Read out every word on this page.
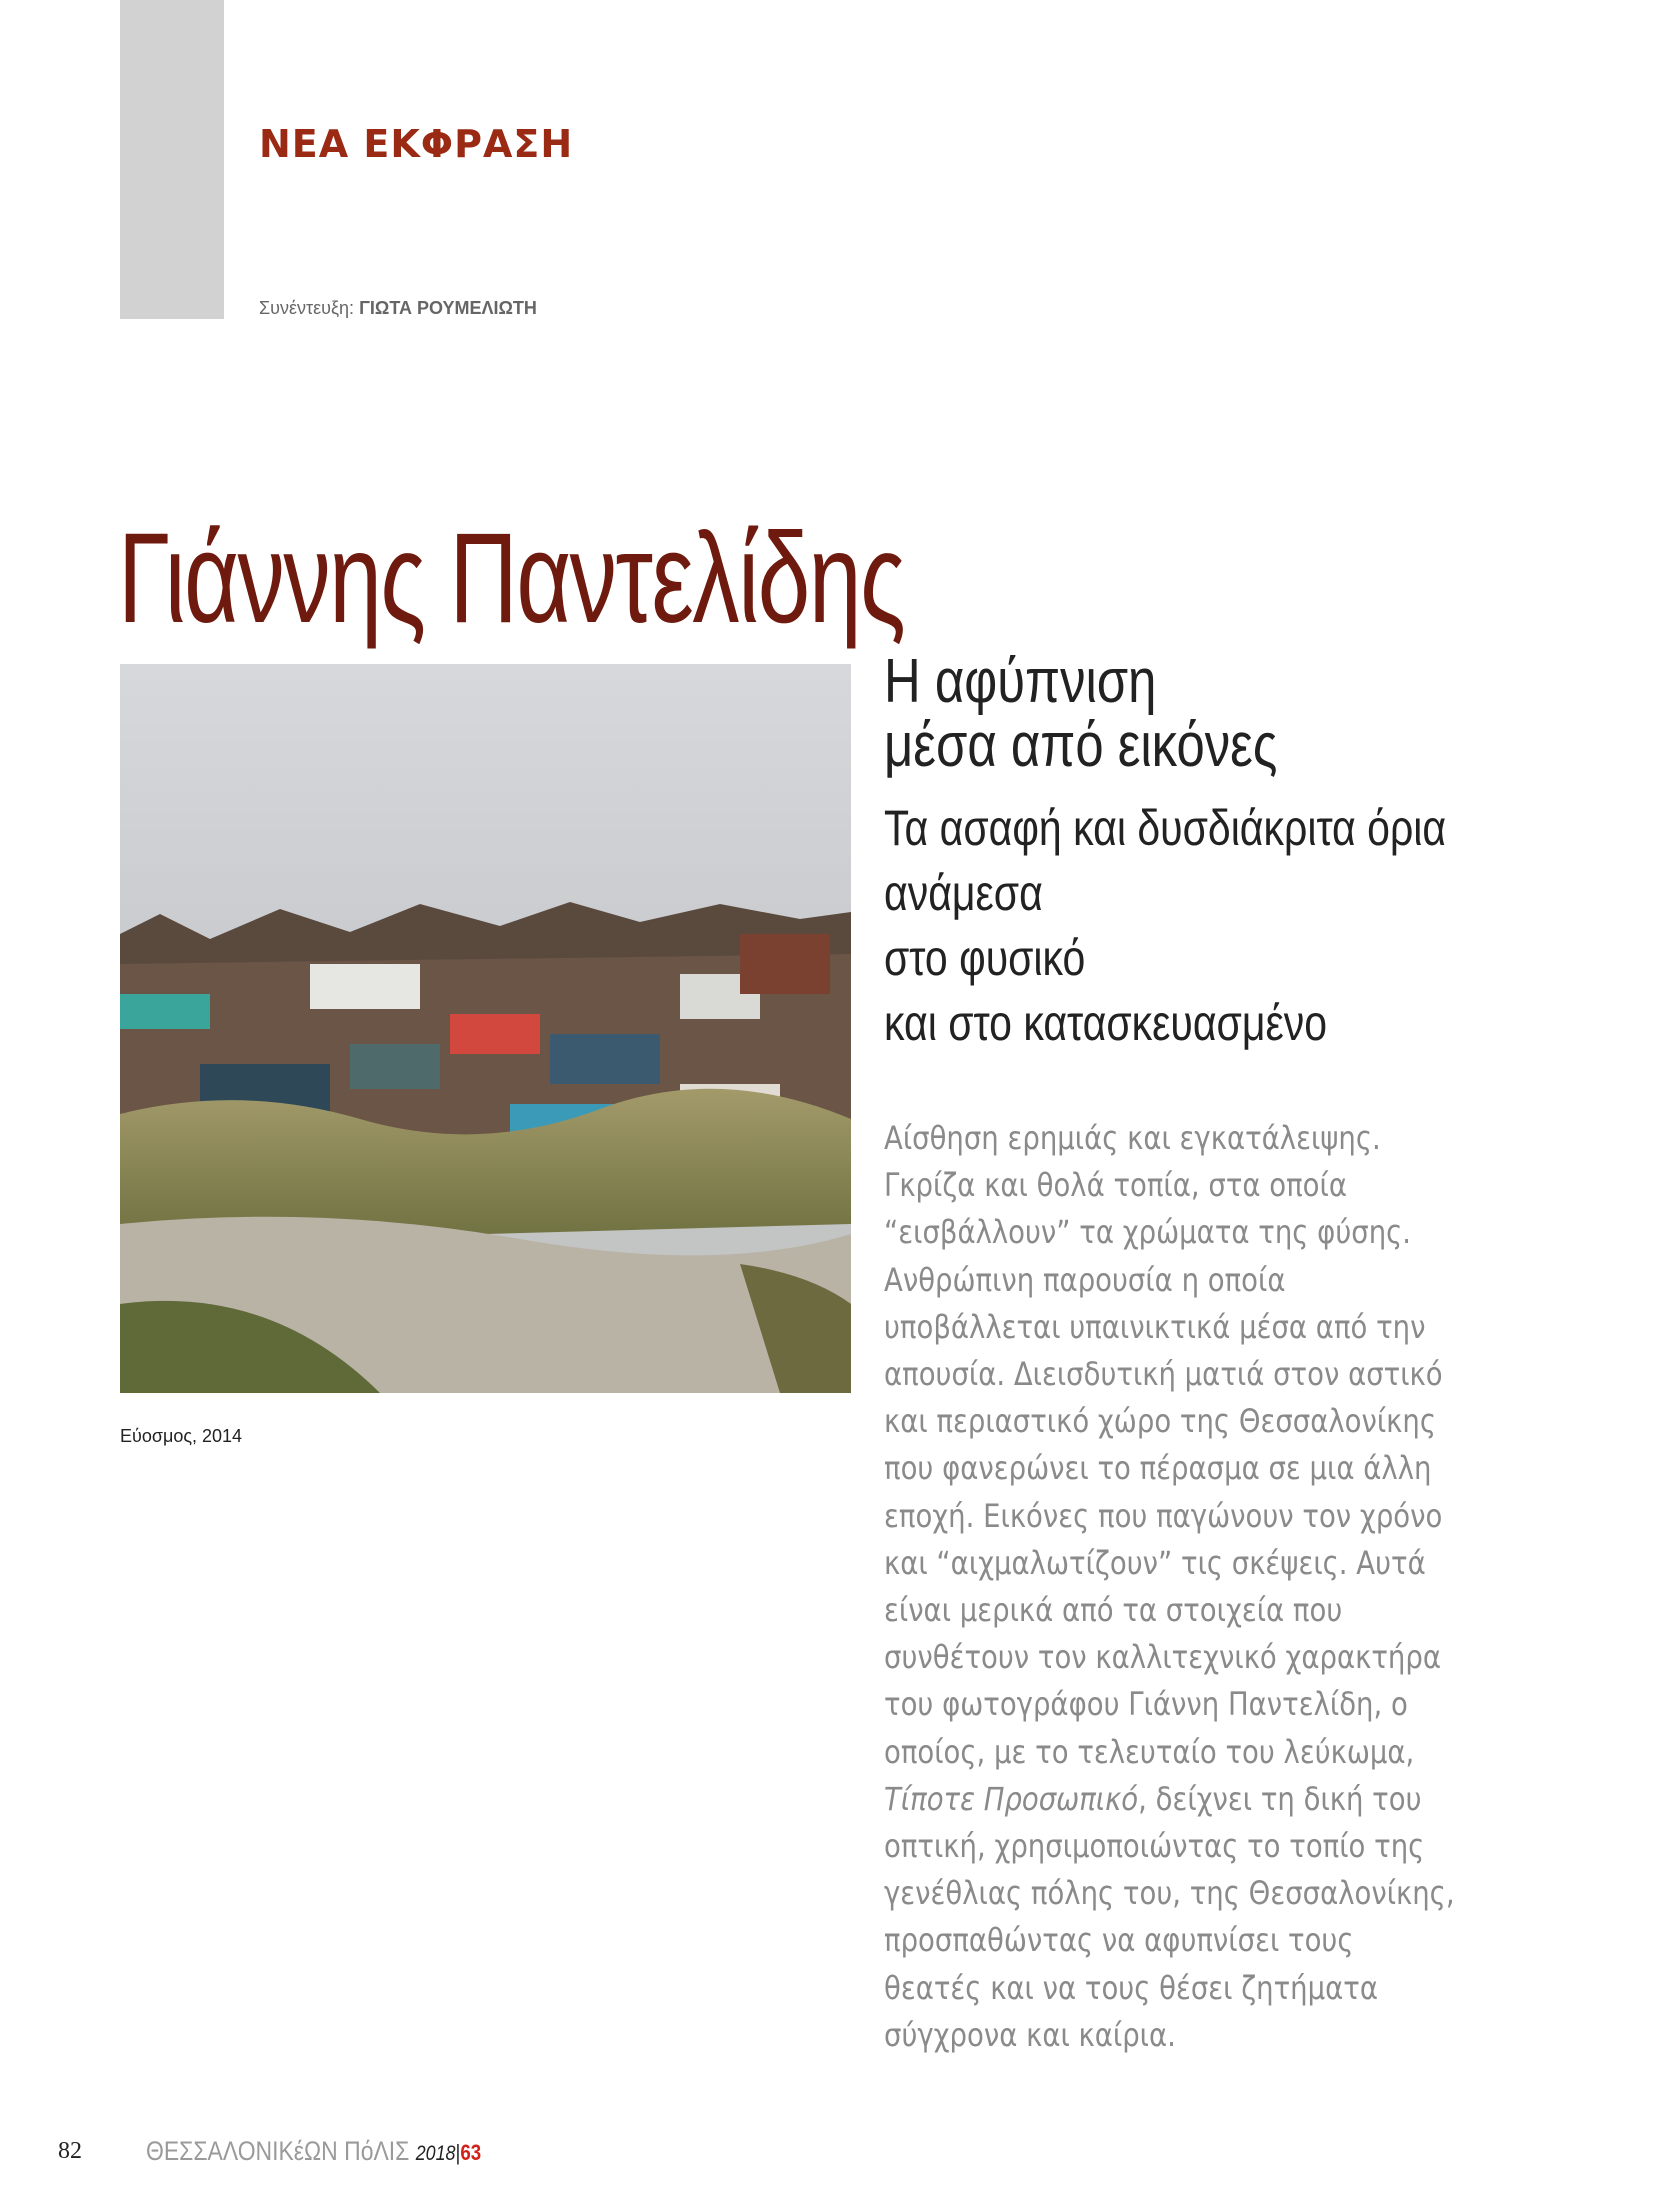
ΝΕΑ ΕΚΦΡΑΣΗ
Συνέντευξη: ΓΙΩΤΑ ΡΟΥΜΕΛΙΩΤΗ
Γιάννης Παντελίδης
Εύοσμος, 2014
Η αφύπνιση
μέσα από εικόνες
Τα ασαφή και δυσδιάκριτα όρια
ανάμεσα
στο φυσικό
και στο κατασκευασμένο
Αίσθηση ερημιάς και εγκατάλειψης.
Γκρίζα και θολά τοπία, στα οποία
“εισβάλλουν” τα χρώματα της φύσης.
Ανθρώπινη παρουσία η οποία
υποβάλλεται υπαινικτικά μέσα από την
απουσία. Διεισδυτική ματιά στον αστικό
και περιαστικό χώρο της Θεσσαλονίκης
που φανερώνει το πέρασμα σε μια άλλη
εποχή. Εικόνες που παγώνουν τον χρόνο
και “αιχμαλωτίζουν” τις σκέψεις. Αυτά
είναι μερικά από τα στοιχεία που
συνθέτουν τον καλλιτεχνικό χαρακτήρα
του φωτογράφου Γιάννη Παντελίδη, ο
οποίος, με το τελευταίο του λεύκωμα,
Τίποτε Προσωπικό, δείχνει τη δική του
οπτική, χρησιμοποιώντας το τοπίο της
γενέθλιας πόλης του, της Θεσσαλονίκης,
προσπαθώντας να αφυπνίσει τους
θεατές και να τους θέσει ζητήματα
σύγχρονα και καίρια.
82 ΘΕΣΣΑΛΟΝΙΚέΩΝ ΠόΛΙΣ 2018|63
